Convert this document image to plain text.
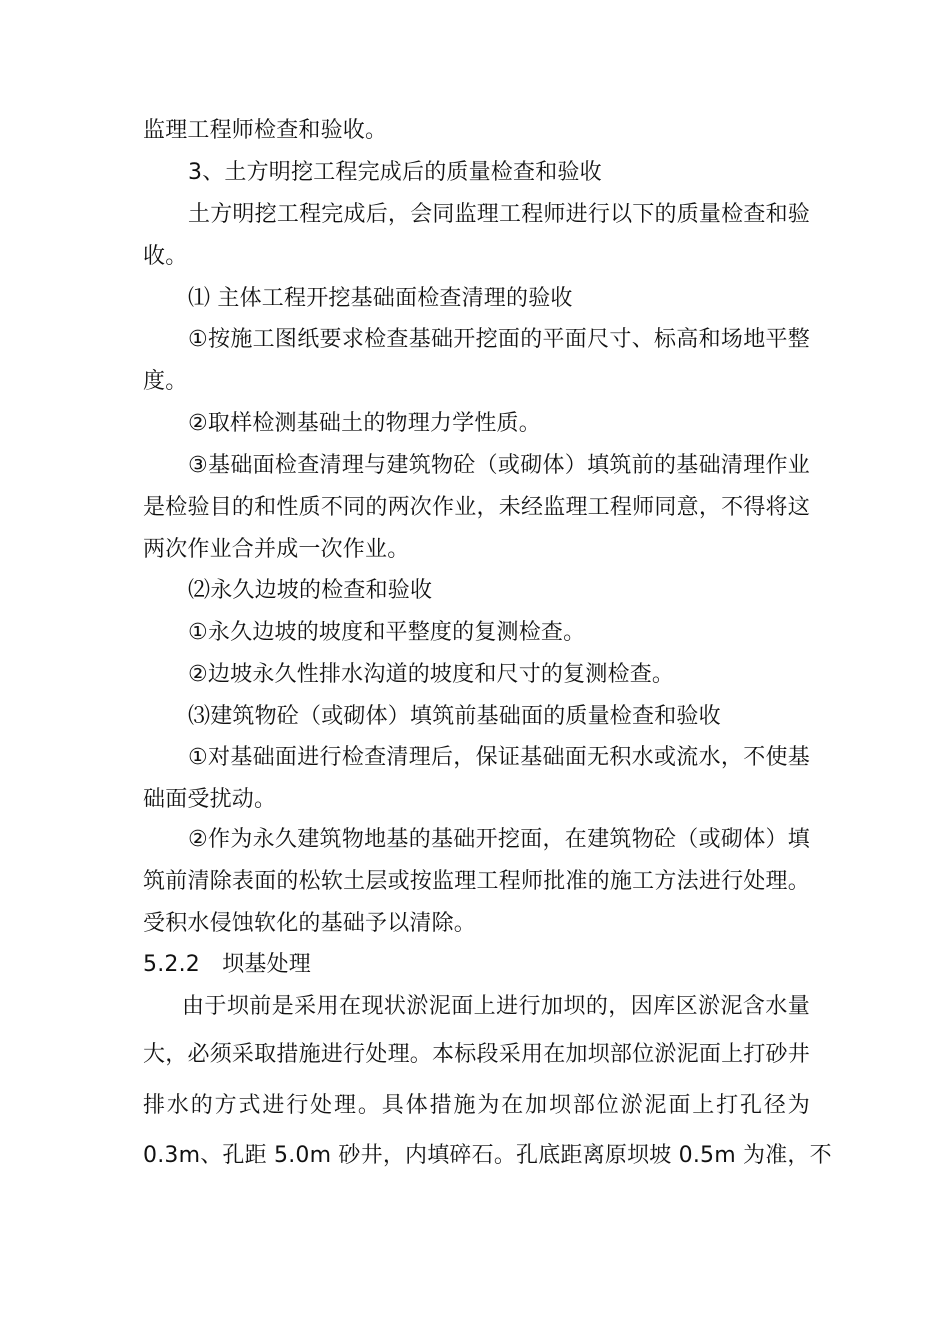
监理工程师检查和验收。
3、土方明挖工程完成后的质量检查和验收
土方明挖工程完成后，会同监理工程师进行以下的质量检查和验
收。
⑴ 主体工程开挖基础面检查清理的验收
①按施工图纸要求检查基础开挖面的平面尺寸、标高和场地平整
度。
②取样检测基础土的物理力学性质。
③基础面检查清理与建筑物砼（或砌体）填筑前的基础清理作业
是检验目的和性质不同的两次作业，未经监理工程师同意，不得将这
两次作业合并成一次作业。
⑵永久边坡的检查和验收
①永久边坡的坡度和平整度的复测检查。
②边坡永久性排水沟道的坡度和尺寸的复测检查。
⑶建筑物砼（或砌体）填筑前基础面的质量检查和验收
①对基础面进行检查清理后，保证基础面无积水或流水，不使基
础面受扰动。
②作为永久建筑物地基的基础开挖面，在建筑物砼（或砌体）填
筑前清除表面的松软土层或按监理工程师批准的施工方法进行处理。
受积水侵蚀软化的基础予以清除。
5.2.2　坝基处理
由于坝前是采用在现状淤泥面上进行加坝的，因库区淤泥含水量
大，必须采取措施进行处理。本标段采用在加坝部位淤泥面上打砂井
排水的方式进行处理。具体措施为在加坝部位淤泥面上打孔径为
0.3m、孔距 5.0m 砂井，内填碎石。孔底距离原坝坡 0.5m 为准，不
